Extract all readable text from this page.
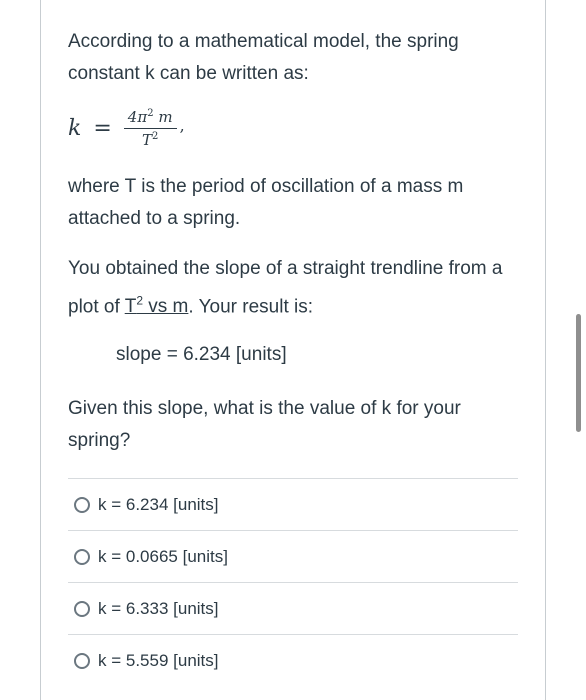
According to a mathematical model, the spring constant k can be written as:

$k = \frac{4\pi^2 m}{T^2}$ ,

where T is the period of oscillation of a mass m attached to a spring.

You obtained the slope of a straight trendline from a plot of $T^2$ vs m. Your result is:

slope = 6.234 [units]

Given this slope, what is the value of k for your spring?

k = 6.234 [units]
k = 0.0665 [units]
k = 6.333 [units]
k = 5.559 [units]
